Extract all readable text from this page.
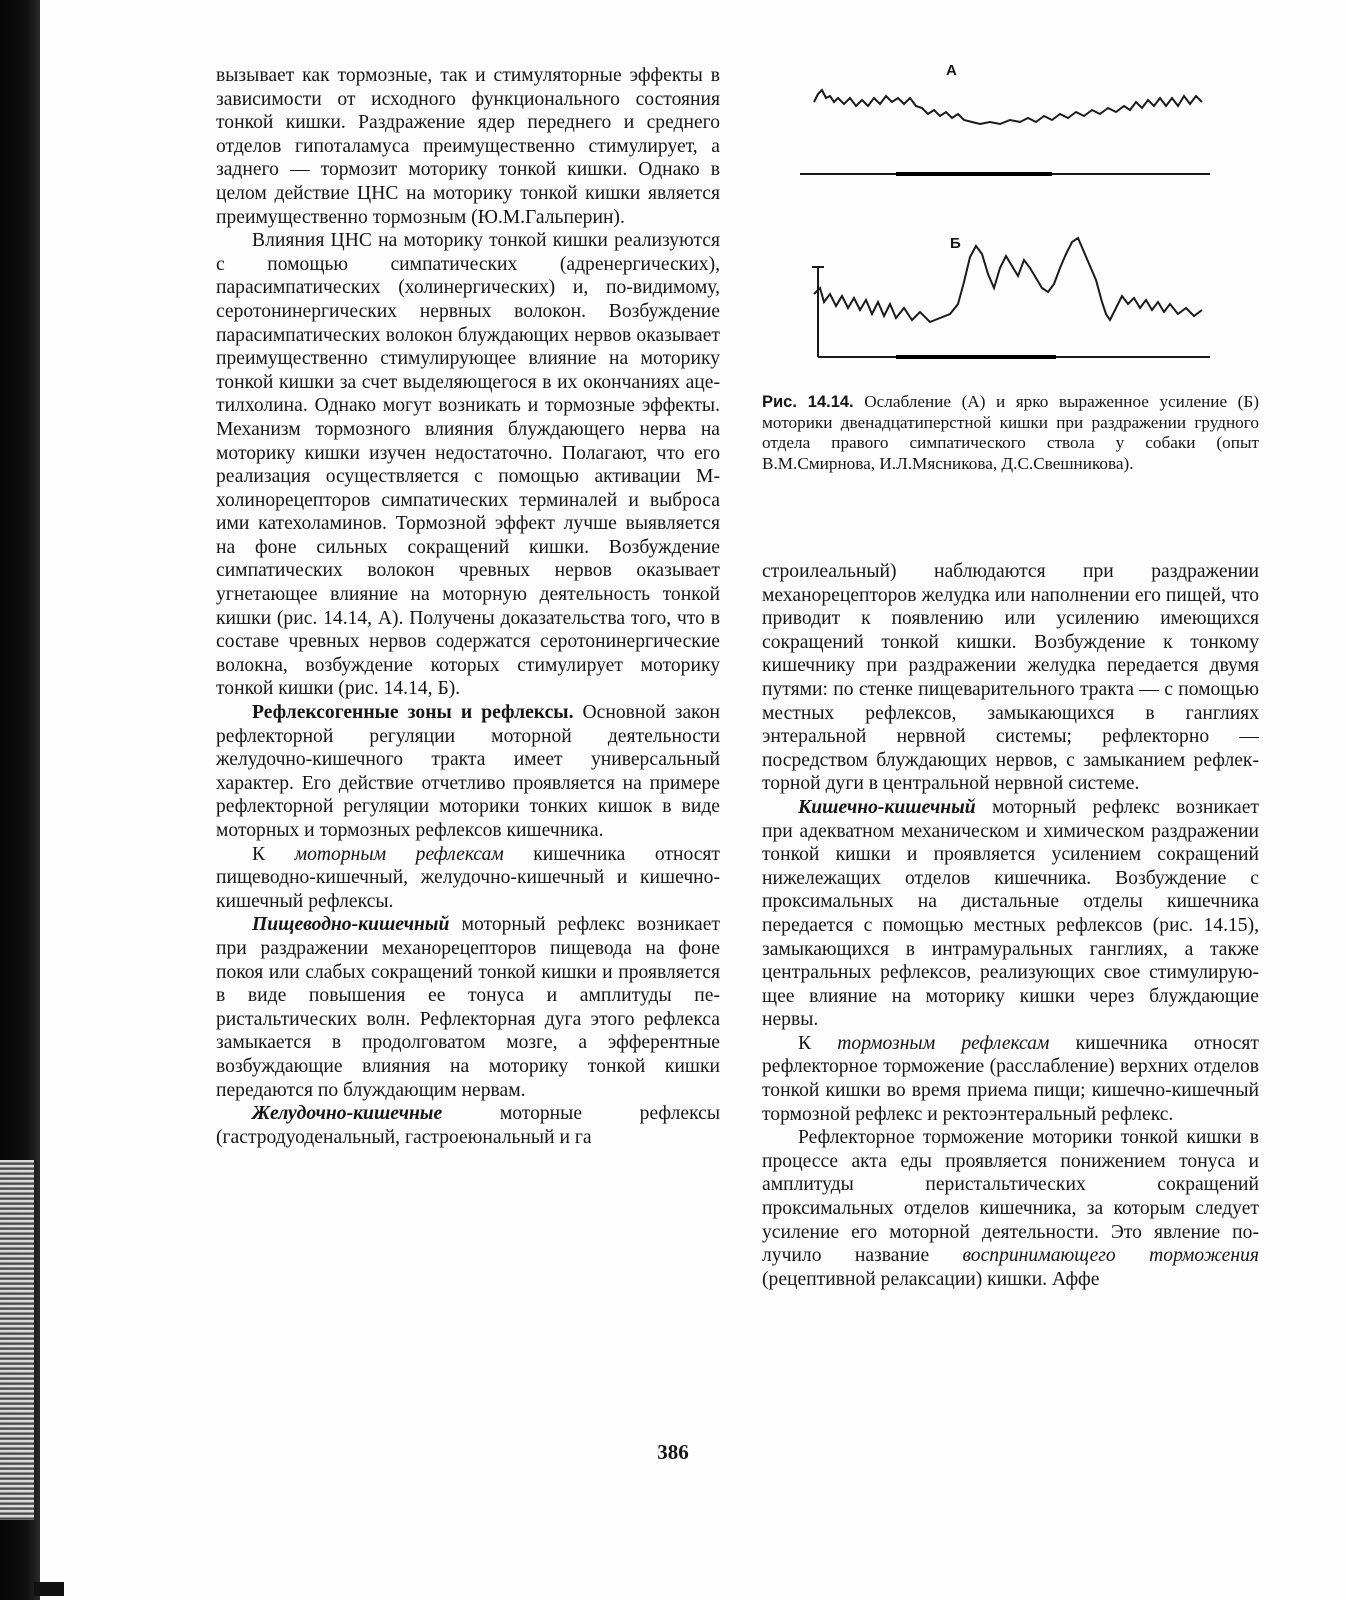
вызывает как тормозные, так и стимуляторные эффекты в зависимости от исходного функционального состояния тонкой кишки. Раздражение ядер переднего и среднего отделов гипоталамуса преимущественно стимулирует, а заднего — тормозит моторику тонкой кишки. Однако в целом действие ЦНС на моторику тонкой кишки является преимущественно тормозным (Ю.М.Гальперин).

Влияния ЦНС на моторику тонкой кишки реализуются с помощью симпатических (адренергических), парасимпатических (холинергических) и, по-видимому, серотонинергических нервных волокон. Возбуждение парасимпатических волокон блуждающих нервов оказывает преимущественно стимулирующее влияние на моторику тонкой кишки за счет выделяющегося в их окончаниях ацетилхолина. Однако могут возникать и тормозные эффекты. Механизм тормозного влияния блуждающего нерва на моторику кишки изучен недостаточно. Полагают, что его реализация осуществляется с помощью активации М-холинорецепторов симпатических терминалей и выброса ими катехоламинов. Тормозной эффект лучше выявляется на фоне сильных сокращений кишки. Возбуждение симпатических волокон чревных нервов оказывает угнетающее влияние на моторную деятельность тонкой кишки (рис. 14.14, А). Получены доказательства того, что в составе чревных нервов содержатся серотонинергические волокна, возбуждение которых стимулирует моторику тонкой кишки (рис. 14.14, Б).

Рефлексогенные зоны и рефлексы. Основной закон рефлекторной регуляции моторной деятельности желудочно-кишечного тракта имеет универсальный характер. Его действие отчетливо проявляется на примере рефлекторной регуляции моторики тонких кишок в виде моторных и тормозных рефлексов кишечника.

К моторным рефлексам кишечника относят пищеводно-кишечный, желудочно-кишечный и кишечно-кишечный рефлексы.

Пищеводно-кишечный моторный рефлекс возникает при раздражении механорецепторов пищевода на фоне покоя или слабых сокращений тонкой кишки и проявляется в виде повышения ее тонуса и амплитуды перистальтических волн. Рефлекторная дуга этого рефлекса замыкается в продолговатом мозге, а эфферентные возбуждающие влияния на моторику тонкой кишки передаются по блуждающим нервам.

Желудочно-кишечные моторные рефлексы (гастродуоденальный, гастроеюнальный и га

А
Б
Рис. 14.14. Ослабление (А) и ярко выраженное усиление (Б) моторики двенадцатиперстной кишки при раздражении грудного отдела правого симпатического ствола у собаки (опыт В.М.Смирнова, И.Л.Мясникова, Д.С.Свешникова).

строилеальный) наблюдаются при раздражении механорецепторов желудка или наполнении его пищей, что приводит к появлению или усилению имеющихся сокращений тонкой кишки. Возбуждение к тонкому кишечнику при раздражении желудка передается двумя путями: по стенке пищеварительного тракта — с помощью местных рефлексов, замыкающихся в ганглиях энтеральной нервной системы; рефлекторно — посредством блуждающих нервов, с замыканием рефлекторной дуги в центральной нервной системе.

Кишечно-кишечный моторный рефлекс возникает при адекватном механическом и химическом раздражении тонкой кишки и проявляется усилением сокращений нижележащих отделов кишечника. Возбуждение с проксимальных на дистальные отделы кишечника передается с помощью местных рефлексов (рис. 14.15), замыкающихся в интрамуральных ганглиях, а также центральных рефлексов, реализующих свое стимулирующее влияние на моторику кишки через блуждающие нервы.

К тормозным рефлексам кишечника относят рефлекторное торможение (расслабление) верхних отделов тонкой кишки во время приема пищи; кишечно-кишечный тормозной рефлекс и ректоэнтеральный рефлекс.

Рефлекторное торможение моторики тонкой кишки в процессе акта еды проявляется понижением тонуса и амплитуды перистальтических сокращений проксимальных отделов кишечника, за которым следует усиление его моторной деятельности. Это явление получило название воспринимающего торможения (рецептивной релаксации) кишки. Аффе

386
